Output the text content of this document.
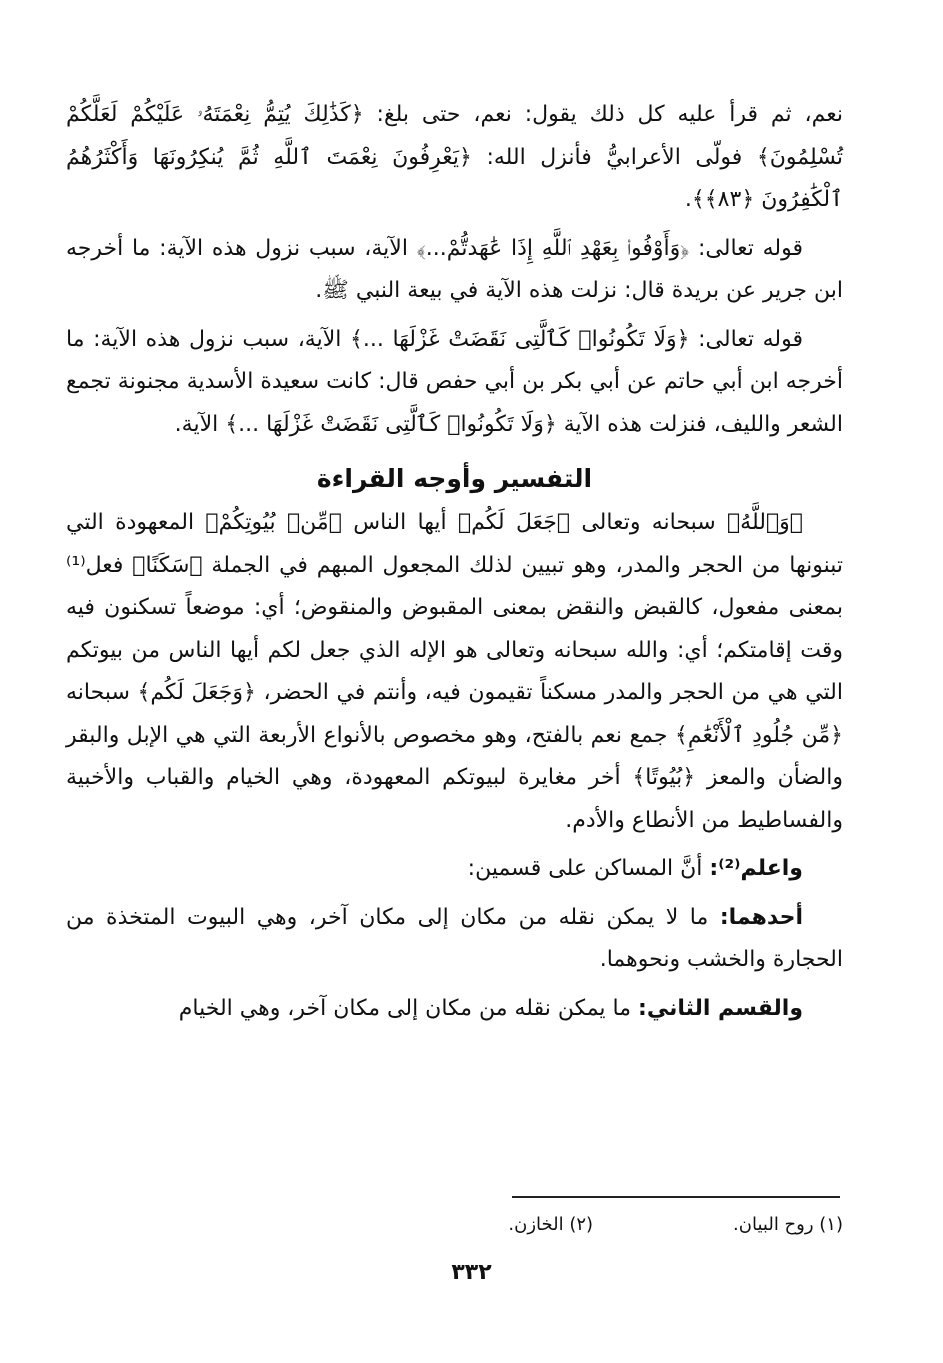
نعم، ثم قرأ عليه كل ذلك يقول: نعم، حتى بلغ: ﴿كَذَٰلِكَ يُتِمُّ نِعْمَتَهُۥ عَلَيْكُمْ لَعَلَّكُمْ تُسْلِمُونَ﴾ فولّى الأعرابيُّ فأنزل الله: ﴿يَعْرِفُونَ نِعْمَتَ ٱللَّهِ ثُمَّ يُنكِرُونَهَا وَأَكْثَرُهُمُ ٱلْكَٰفِرُونَ ﴿٨٣﴾﴾.

قوله تعالى: ﴿وَأَوْفُوا۟ بِعَهْدِ ٱللَّهِ إِذَا عَٰهَدتُّمْ...﴾ الآية، سبب نزول هذه الآية: ما أخرجه ابن جرير عن بريدة قال: نزلت هذه الآية في بيعة النبي ﷺ.

قوله تعالى: ﴿وَلَا تَكُونُوا۟ كَٱلَّتِى نَقَضَتْ غَزْلَهَا ...﴾ الآية، سبب نزول هذه الآية: ما أخرجه ابن أبي حاتم عن أبي بكر بن أبي حفص قال: كانت سعيدة الأسدية مجنونة تجمع الشعر والليف، فنزلت هذه الآية ﴿وَلَا تَكُونُوا۟ كَٱلَّتِى نَقَضَتْ غَزْلَهَا ...﴾ الآية.

التفسير وأوجه القراءة

﴿وَٱللَّهُ﴾ سبحانه وتعالى ﴿جَعَلَ لَكُم﴾ أيها الناس ﴿مِّنۢ بُيُوتِكُمْ﴾ المعهودة التي تبنونها من الحجر والمدر، وهو تبيين لذلك المجعول المبهم في الجملة ﴿سَكَنًا﴾ فعل⁽¹⁾ بمعنى مفعول، كالقبض والنقض بمعنى المقبوض والمنقوض؛ أي: موضعاً تسكنون فيه وقت إقامتكم؛ أي: والله سبحانه وتعالى هو الإله الذي جعل لكم أيها الناس من بيوتكم التي هي من الحجر والمدر مسكناً تقيمون فيه، وأنتم في الحضر، ﴿وَجَعَلَ لَكُم﴾ سبحانه ﴿مِّن جُلُودِ ٱلْأَنْعَٰمِ﴾ جمع نعم بالفتح، وهو مخصوص بالأنواع الأربعة التي هي الإبل والبقر والضأن والمعز ﴿بُيُوتًا﴾ أخر مغايرة لبيوتكم المعهودة، وهي الخيام والقباب والأخبية والفساطيط من الأنطاع والأدم.

واعلم⁽²⁾: أنَّ المساكن على قسمين:

أحدهما: ما لا يمكن نقله من مكان إلى مكان آخر، وهي البيوت المتخذة من الحجارة والخشب ونحوهما.

والقسم الثاني: ما يمكن نقله من مكان إلى مكان آخر، وهي الخيام

(١) روح البيان.
(٢) الخازن.
٣٣٢
